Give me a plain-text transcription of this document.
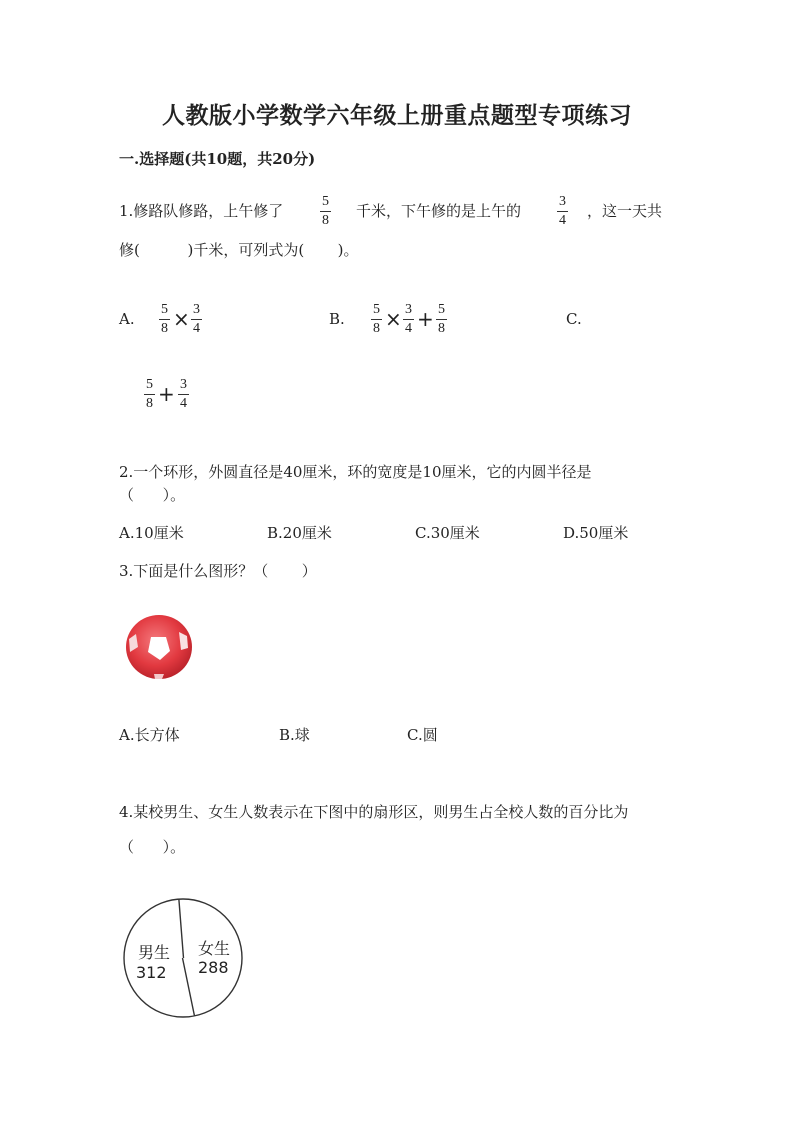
人教版小学数学六年级上册重点题型专项练习
一.选择题(共10题，共20分)
1.修路队修路，上午修了
5
8
千米，下午修的是上午的
3
4
，这一天共
修(          )千米，可列式为(       )。
A.
5
8 × 3
4
B.
5
8 × 3
4 + 5
8
C.
5
8 + 3
4
2.一个环形，外圆直径是40厘米，环的宽度是10厘米，它的内圆半径是
（      ）。
A.10厘米	B.20厘米	C.30厘米	D.50厘米
3.下面是什么图形？（       ）
A.长方体	B.球	C.圆
4.某校男生、女生人数表示在下图中的扇形区，则男生占全校人数的百分比为
（      ）。
男生
312
女生
288
